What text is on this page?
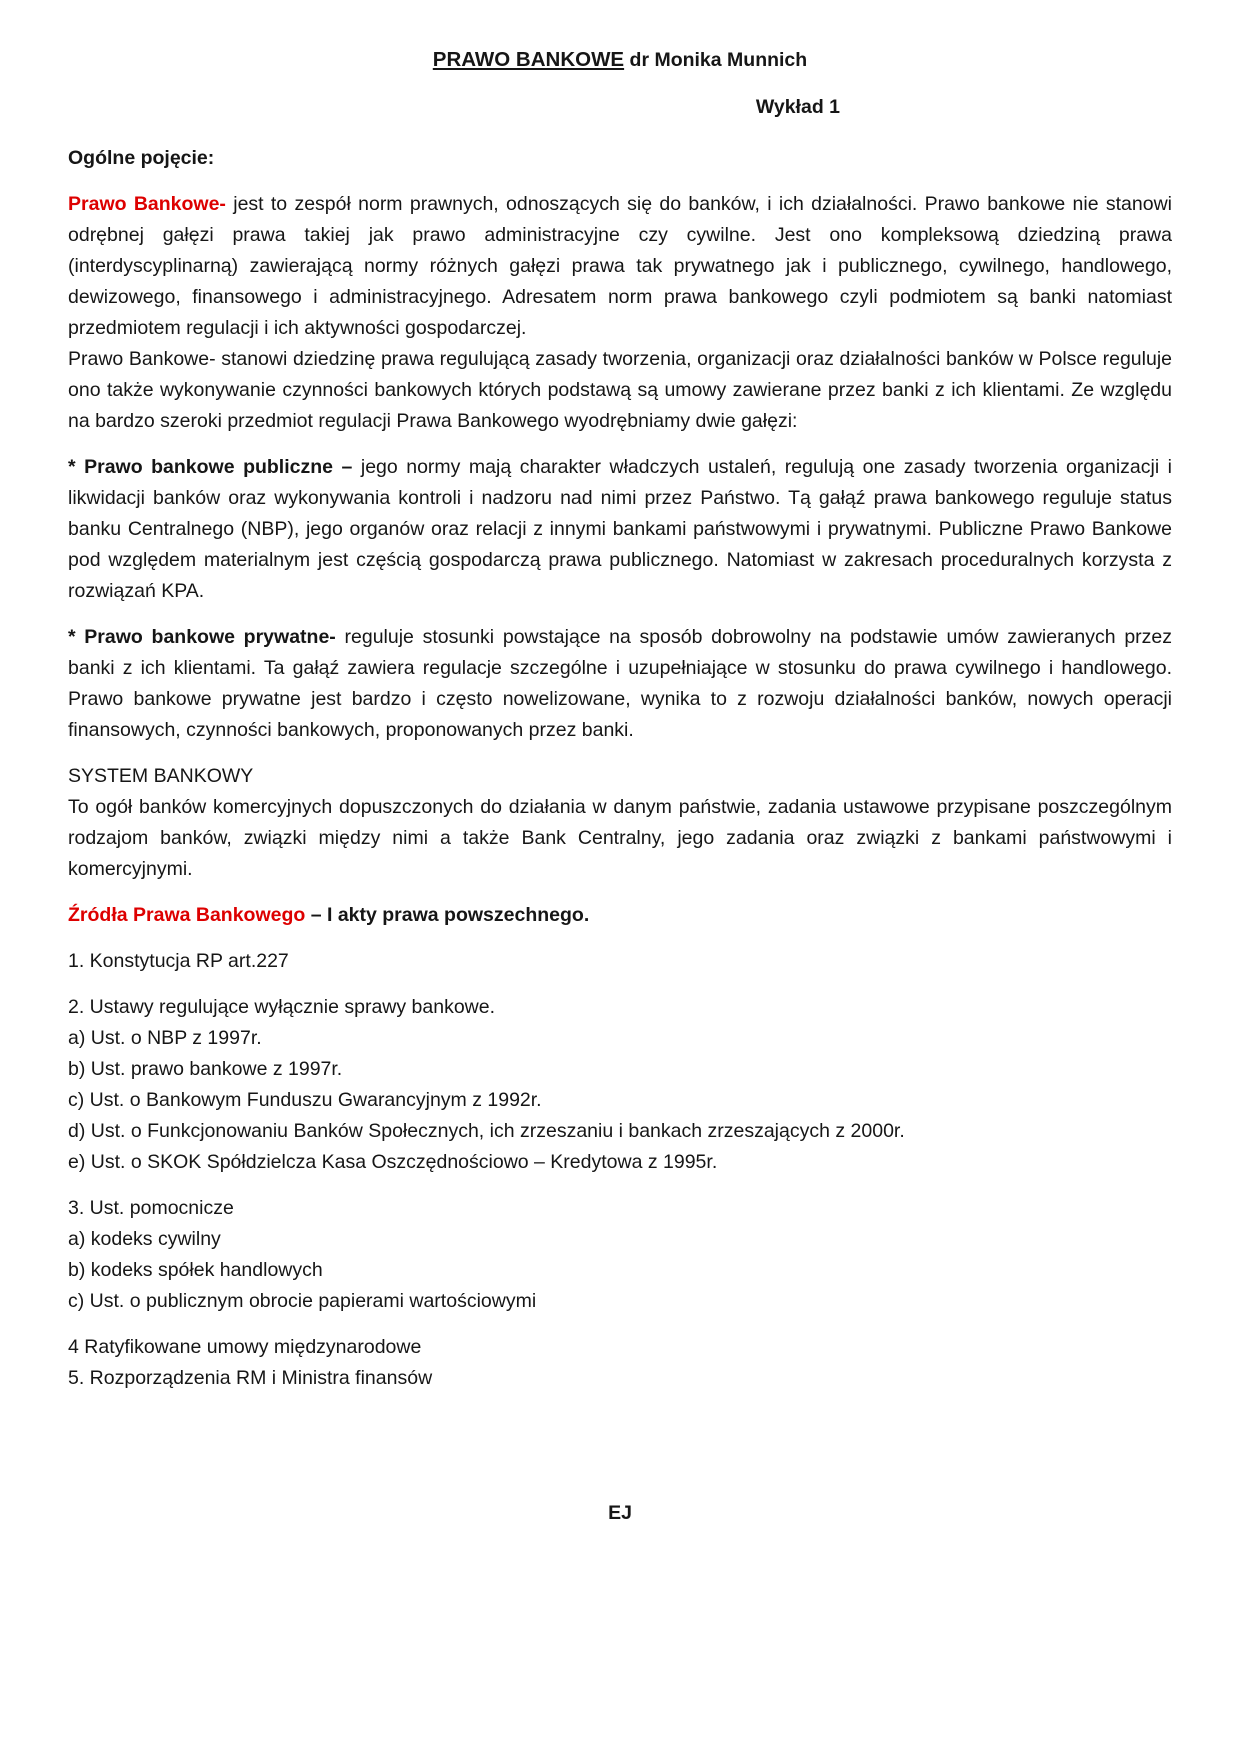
PRAWO BANKOWE dr Monika Munnich
Wykład 1
Ogólne pojęcie:

Prawo Bankowe- jest to zespół norm prawnych, odnoszących się do banków, i ich działalności. Prawo bankowe nie stanowi odrębnej gałęzi prawa takiej jak prawo administracyjne czy cywilne. Jest ono kompleksową dziedziną prawa (interdyscyplinarną) zawierającą normy różnych gałęzi prawa tak prywatnego jak i publicznego, cywilnego, handlowego, dewizowego, finansowego i administracyjnego. Adresatem norm prawa bankowego czyli podmiotem są banki natomiast przedmiotem regulacji i ich aktywności gospodarczej.

Prawo Bankowe- stanowi dziedzinę prawa regulującą zasady tworzenia, organizacji oraz działalności banków w Polsce reguluje ono także wykonywanie czynności bankowych których podstawą są umowy zawierane przez banki z ich klientami. Ze względu na bardzo szeroki przedmiot regulacji Prawa Bankowego wyodrębniamy dwie gałęzi:

* Prawo bankowe publiczne – jego normy mają charakter władczych ustaleń, regulują one zasady tworzenia organizacji i likwidacji banków oraz wykonywania kontroli i nadzoru nad nimi przez Państwo. Tą gałąź prawa bankowego reguluje status banku Centralnego (NBP), jego organów oraz relacji z innymi bankami państwowymi i prywatnymi. Publiczne Prawo Bankowe pod względem materialnym jest częścią gospodarczą prawa publicznego. Natomiast w zakresach proceduralnych korzysta z rozwiązań KPA.

* Prawo bankowe prywatne- reguluje stosunki powstające na sposób dobrowolny na podstawie umów zawieranych przez banki z ich klientami. Ta gałąź zawiera regulacje szczególne i uzupełniające w stosunku do prawa cywilnego i handlowego. Prawo bankowe prywatne jest bardzo i często nowelizowane, wynika to z rozwoju działalności banków, nowych operacji finansowych, czynności bankowych, proponowanych przez banki.

SYSTEM BANKOWY

To ogół banków komercyjnych dopuszczonych do działania w danym państwie, zadania ustawowe przypisane poszczególnym rodzajom banków, związki między nimi a także Bank Centralny, jego zadania oraz związki z bankami państwowymi i komercyjnymi.

Źródła Prawa Bankowego – I akty prawa powszechnego.

1. Konstytucja RP art.227
2. Ustawy regulujące wyłącznie sprawy bankowe.
a) Ust. o NBP z 1997r.
b) Ust. prawo bankowe z 1997r.
c) Ust. o Bankowym Funduszu Gwarancyjnym z 1992r.
d) Ust. o Funkcjonowaniu Banków Społecznych, ich zrzeszaniu i bankach zrzeszających z 2000r.
e) Ust. o SKOK Spółdzielcza Kasa Oszczędnościowo – Kredytowa z 1995r.
3. Ust. pomocnicze
a) kodeks cywilny
b) kodeks spółek handlowych
c) Ust. o publicznym obrocie papierami wartościowymi
4 Ratyfikowane umowy międzynarodowe
5. Rozporządzenia RM i Ministra finansów
EJ
